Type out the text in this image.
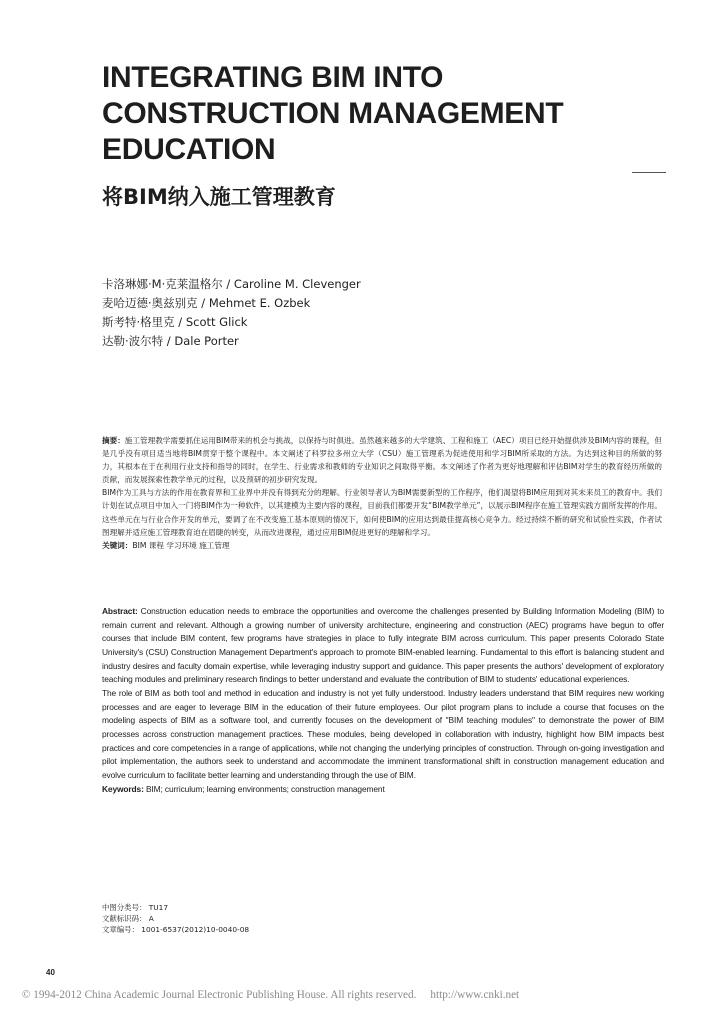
INTEGRATING BIM INTO
CONSTRUCTION MANAGEMENT
EDUCATION
将BIM纳入施工管理教育
卡洛琳娜·M·克莱温格尔 / Caroline M. Clevenger
麦哈迈德·奥兹别克 / Mehmet E. Ozbek
斯考特·格里克 / Scott Glick
达勒·波尔特 / Dale Porter

摘要：施工管理教学需要抓住运用BIM带来的机会与挑战，以保持与时俱进。虽然越来越多的大学建筑、工程和施工（AEC）项目已经开始提供涉及BIM内容的课程，但是几乎没有项目适当地将BIM贯穿于整个课程中。本文阐述了科罗拉多州立大学（CSU）施工管理系为促进使用和学习BIM所采取的方法。为达到这种目的所做的努力，其根本在于在利用行业支持和指导的同时，在学生、行业需求和教师的专业知识之间取得平衡。本文阐述了作者为更好地理解和评估BIM对学生的教育经历所做的贡献，而发展探索性教学单元的过程，以及预研的初步研究发现。

BIM作为工具与方法的作用在教育界和工业界中并没有得到充分的理解。行业领导者认为BIM需要新型的工作程序，他们渴望将BIM应用到对其未来员工的教育中。我们计划在试点项目中加入一门将BIM作为一种软件，以其建模为主要内容的课程，目前我们都要开发“BIM教学单元”，以展示BIM程序在施工管理实践方面所发挥的作用。这些单元在与行业合作开发的单元，要调了在不改变施工基本原则的情况下，如何使BIM的应用达到最佳提高核心竞争力。经过持续不断的研究和试验性实践，作者试图理解并适应施工管理教育迫在眉睫的转变，从而改进课程，通过应用BIM促进更好的理解和学习。

关键词：BIM 课程 学习环境 施工管理

Abstract: Construction education needs to embrace the opportunities and overcome the challenges presented by Building Information Modeling (BIM) to remain current and relevant. Although a growing number of university architecture, engineering and construction (AEC) programs have begun to offer courses that include BIM content, few programs have strategies in place to fully integrate BIM across curriculum. This paper presents Colorado State University's (CSU) Construction Management Department's approach to promote BIM-enabled learning. Fundamental to this effort is balancing student and industry desires and faculty domain expertise, while leveraging industry support and guidance. This paper presents the authors' development of exploratory teaching modules and preliminary research findings to better understand and evaluate the contribution of BIM to students' educational experiences.

The role of BIM as both tool and method in education and industry is not yet fully understood. Industry leaders understand that BIM requires new working processes and are eager to leverage BIM in the education of their future employees. Our pilot program plans to include a course that focuses on the modeling aspects of BIM as a software tool, and currently focuses on the development of "BIM teaching modules" to demonstrate the power of BIM processes across construction management practices. These modules, being developed in collaboration with industry, highlight how BIM impacts best practices and core competencies in a range of applications, while not changing the underlying principles of construction. Through on-going investigation and pilot implementation, the authors seek to understand and accommodate the imminent transformational shift in construction management education and evolve curriculum to facilitate better learning and understanding through the use of BIM.

Keywords: BIM; curriculum; learning environments; construction management

中图分类号： TU17
文献标识码： A
文章编号： 1001-6537(2012)10-0040-08
40
© 1994-2012 China Academic Journal Electronic Publishing House. All rights reserved. http://www.cnki.net
